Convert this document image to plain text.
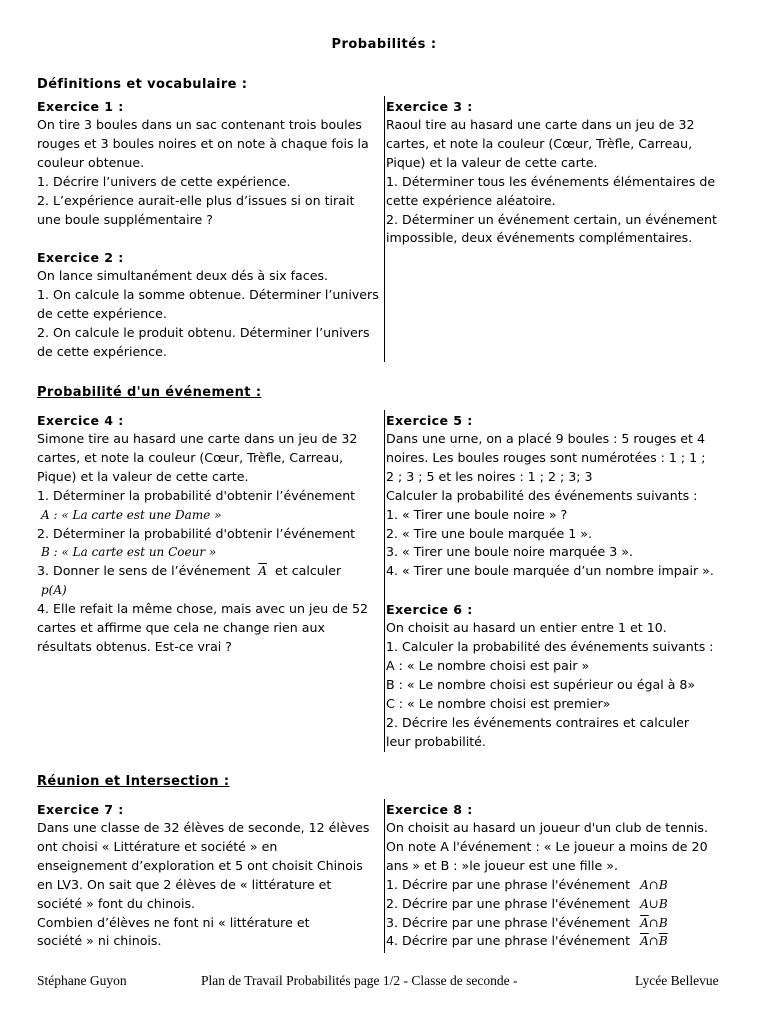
Probabilités :
Définitions et vocabulaire :
Exercice 1 :
On tire 3 boules dans un sac contenant trois boules
rouges et 3 boules noires et on note à chaque fois la
couleur obtenue.
1. Décrire l’univers de cette expérience.
2. L’expérience aurait-elle plus d’issues si on tirait
une boule supplémentaire ?
Exercice 2 :
On lance simultanément deux dés à six faces.
1. On calcule la somme obtenue. Déterminer l’univers
de cette expérience.
2. On calcule le produit obtenu. Déterminer l’univers
de cette expérience.
Exercice 3 :
Raoul tire au hasard une carte dans un jeu de 32
cartes, et note la couleur (Cœur, Trèfle, Carreau,
Pique) et la valeur de cette carte.
1. Déterminer tous les événements élémentaires de
cette expérience aléatoire.
2. Déterminer un événement certain, un événement
impossible, deux événements complémentaires.
Probabilité d'un événement :
Exercice 4 :
Simone tire au hasard une carte dans un jeu de 32
cartes, et note la couleur (Cœur, Trèfle, Carreau,
Pique) et la valeur de cette carte.
1. Déterminer la probabilité d'obtenir l’événement
A : « La carte est une Dame »
2. Déterminer la probabilité d'obtenir l’événement
B : « La carte est un Coeur »
3. Donner le sens de l’événement $\overline{A}$ et calculer
p(A)
4. Elle refait la même chose, mais avec un jeu de 52
cartes et affirme que cela ne change rien aux
résultats obtenus. Est-ce vrai ?
Exercice 5 :
Dans une urne, on a placé 9 boules : 5 rouges et 4
noires. Les boules rouges sont numérotées : 1 ; 1 ;
2 ; 3 ; 5 et les noires : 1 ; 2 ; 3; 3
Calculer la probabilité des événements suivants :
1. « Tirer une boule noire » ?
2. « Tire une boule marquée 1 ».
3. « Tirer une boule noire marquée 3 ».
4. « Tirer une boule marquée d’un nombre impair ».
Exercice 6 :
On choisit au hasard un entier entre 1 et 10.
1. Calculer la probabilité des événements suivants :
A : « Le nombre choisi est pair »
B : « Le nombre choisi est supérieur ou égal à 8»
C : « Le nombre choisi est premier»
2. Décrire les événements contraires et calculer
leur probabilité.
Réunion et Intersection :
Exercice 7 :
Dans une classe de 32 élèves de seconde, 12 élèves
ont choisi « Littérature et société » en
enseignement d’exploration et 5 ont choisit Chinois
en LV3. On sait que 2 élèves de « littérature et
société » font du chinois.
Combien d’élèves ne font ni « littérature et
société » ni chinois.
Exercice 8 :
On choisit au hasard un joueur d'un club de tennis.
On note A l'événement : « Le joueur a moins de 20
ans » et B : »le joueur est une fille ».
1. Décrire par une phrase l'événement A∩B
2. Décrire par une phrase l'événement A∪B
3. Décrire par une phrase l'événement $\overline{A}\cap B$
4. Décrire par une phrase l'événement $\overline{A}\cap\overline{B}$
Stéphane Guyon	Plan de Travail Probabilités page 1/2 - Classe de seconde -	Lycée Bellevue
